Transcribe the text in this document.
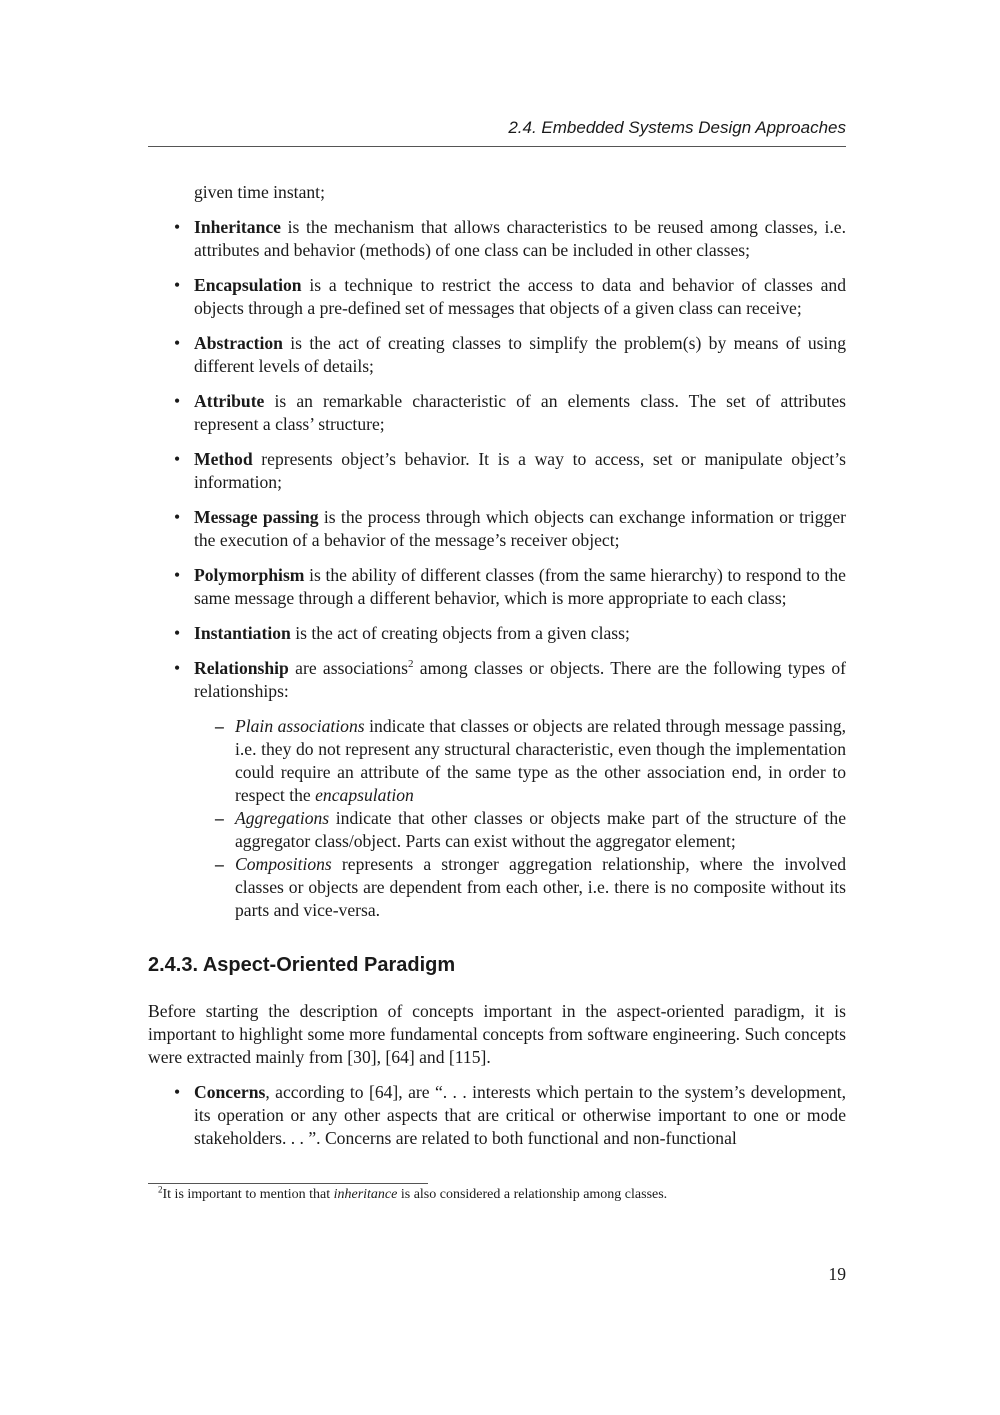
2.4. Embedded Systems Design Approaches

given time instant;

• Inheritance is the mechanism that allows characteristics to be reused among classes, i.e. attributes and behavior (methods) of one class can be included in other classes;
• Encapsulation is a technique to restrict the access to data and behavior of classes and objects through a pre-defined set of messages that objects of a given class can receive;
• Abstraction is the act of creating classes to simplify the problem(s) by means of using different levels of details;
• Attribute is an remarkable characteristic of an elements class. The set of attributes represent a class’ structure;
• Method represents object’s behavior. It is a way to access, set or manipulate object’s information;
• Message passing is the process through which objects can exchange information or trigger the execution of a behavior of the message’s receiver object;
• Polymorphism is the ability of different classes (from the same hierarchy) to respond to the same message through a different behavior, which is more appropriate to each class;
• Instantiation is the act of creating objects from a given class;
• Relationship are associations$^2$ among classes or objects. There are the following types of relationships:
– Plain associations indicate that classes or objects are related through message passing, i.e. they do not represent any structural characteristic, even though the implementation could require an attribute of the same type as the other association end, in order to respect the encapsulation
– Aggregations indicate that other classes or objects make part of the structure of the aggregator class/object. Parts can exist without the aggregator element;
– Compositions represents a stronger aggregation relationship, where the involved classes or objects are dependent from each other, i.e. there is no composite without its parts and vice-versa.
2.4.3. Aspect-Oriented Paradigm

Before starting the description of concepts important in the aspect-oriented paradigm, it is important to highlight some more fundamental concepts from software engineering. Such concepts were extracted mainly from [30], [64] and [115].

• Concerns, according to [64], are “. . . interests which pertain to the system’s development, its operation or any other aspects that are critical or otherwise important to one or mode stakeholders. . . ”. Concerns are related to both functional and non-functional
$^2$It is important to mention that inheritance is also considered a relationship among classes.
19
